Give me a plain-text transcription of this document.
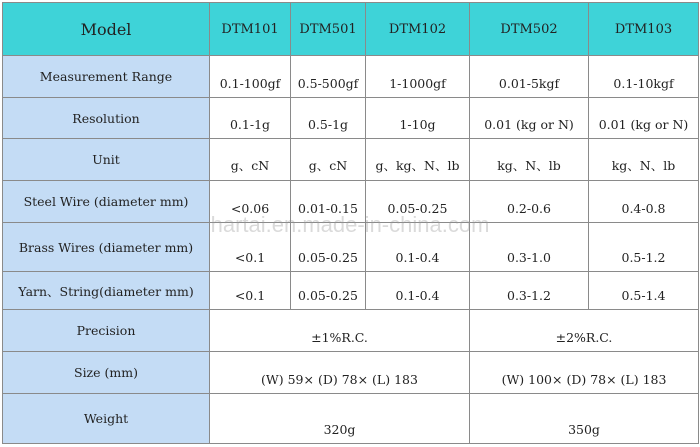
Model	DTM101	DTM501	DTM102	DTM502	DTM103
Measurement Range	0.1-100gf	0.5-500gf	1-1000gf	0.01-5kgf	0.1-10kgf
Resolution	0.1-1g	0.5-1g	1-10g	0.01 (kg or N)	0.01 (kg or N)
Unit	g、cN	g、cN	g、kg、N、lb	kg、N、lb	kg、N、lb
Steel Wire (diameter mm)	<0.06	0.01-0.15	0.05-0.25	0.2-0.6	0.4-0.8
Brass Wires (diameter mm)	<0.1	0.05-0.25	0.1-0.4	0.3-1.0	0.5-1.2
Yarn、String(diameter mm)	<0.1	0.05-0.25	0.1-0.4	0.3-1.2	0.5-1.4
Precision	±1%R.C.			±2%R.C.	
Size (mm)	(W) 59× (D) 78× (L) 183			(W) 100× (D) 78× (L) 183	
Weight	320g			350g	
hartai.en.made-in-china.com
